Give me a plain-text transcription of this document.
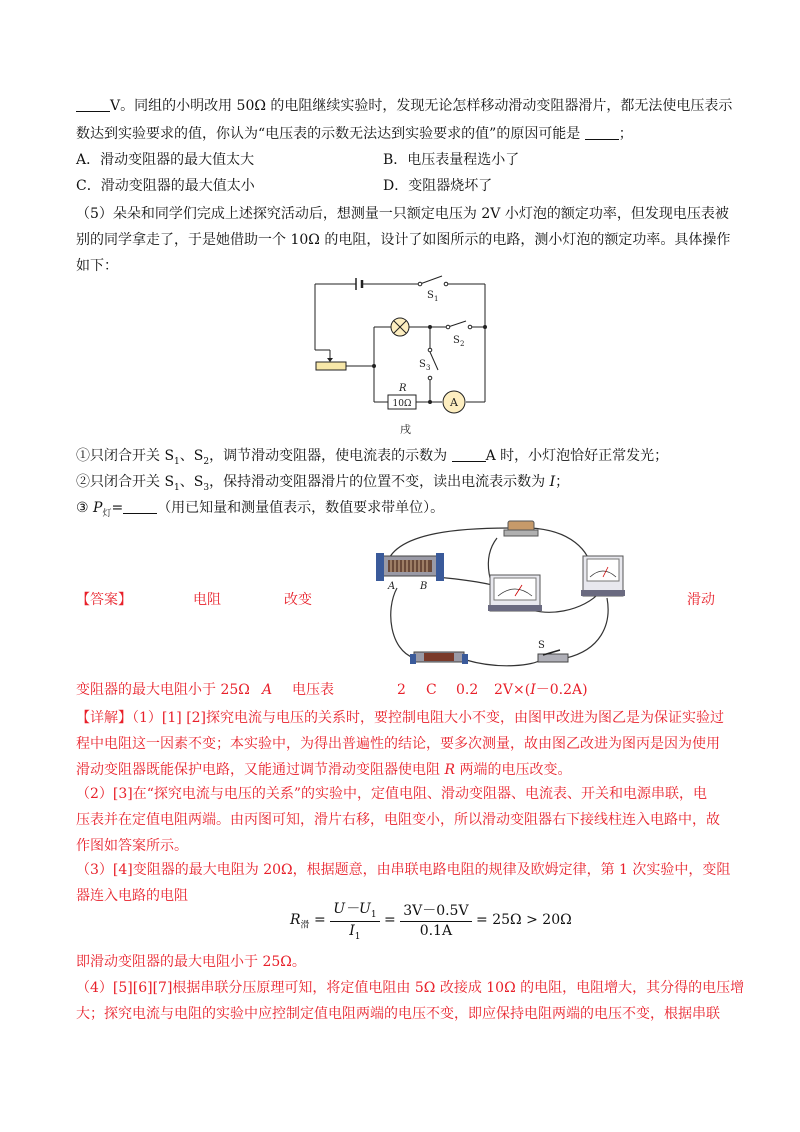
V。同组的小明改用 50Ω 的电阻继续实验时，发现无论怎样移动滑动变阻器滑片，都无法使电压表示
数达到实验要求的值，你认为“电压表的示数无法达到实验要求的值”的原因可能是 ；
A．滑动变阻器的最大值太大	B．电压表量程选小了
C．滑动变阻器的最大值太小	D．变阻器烧坏了
（5）朵朵和同学们完成上述探究活动后，想测量一只额定电压为 2V 小灯泡的额定功率，但发现电压表被
别的同学拿走了，于是她借助一个 10Ω 的电阻，设计了如图所示的电路，测小灯泡的额定功率。具体操作
如下：
A
S 1
S 2
S 3
R
10Ω
戌
①只闭合开关 $S_1$、$S_2$，调节滑动变阻器，使电流表的示数为 A 时，小灯泡恰好正常发光；
②只闭合开关 $S_1$、$S_3$，保持滑动变阻器滑片的位置不变，读出电流表示数为 I；
③ $P_灯=$ （用已知量和测量值表示，数值要求带单位）。
A B
S
【答案】	电阻	改变	滑动
变阻器的最大电阻小于 25Ω A 电压表	2 C 0.2 2V×(I－0.2A)
【详解】（1）[1] [2]探究电流与电压的关系时，要控制电阻大小不变，由图甲改进为图乙是为保证实验过
程中电阻这一因素不变；本实验中，为得出普遍性的结论，要多次测量，故由图乙改进为图丙是因为使用
滑动变阻器既能保护电路，又能通过调节滑动变阻器使电阻 R 两端的电压改变。
（2）[3]在“探究电流与电压的关系”的实验中，定值电阻、滑动变阻器、电流表、开关和电源串联，电
压表并在定值电阻两端。由丙图可知，滑片右移，电阻变小，所以滑动变阻器右下接线柱连入电路中，故
作图如答案所示。
（3）[4]变阻器的最大电阻为 20Ω，根据题意，由串联电路电阻的规律及欧姆定律，第 1 次实验中，变阻
器连入电路的电阻
$R_滑 = \frac{U-U_1}{I_1} = \frac{3V-0.5V}{0.1A} = 25\Omega > 20\Omega$
即滑动变阻器的最大电阻小于 25Ω。
（4）[5][6][7]根据串联分压原理可知，将定值电阻由 5Ω 改接成 10Ω 的电阻，电阻增大，其分得的电压增
大；探究电流与电阻的实验中应控制定值电阻两端的电压不变，即应保持电阻两端的电压不变，根据串联
